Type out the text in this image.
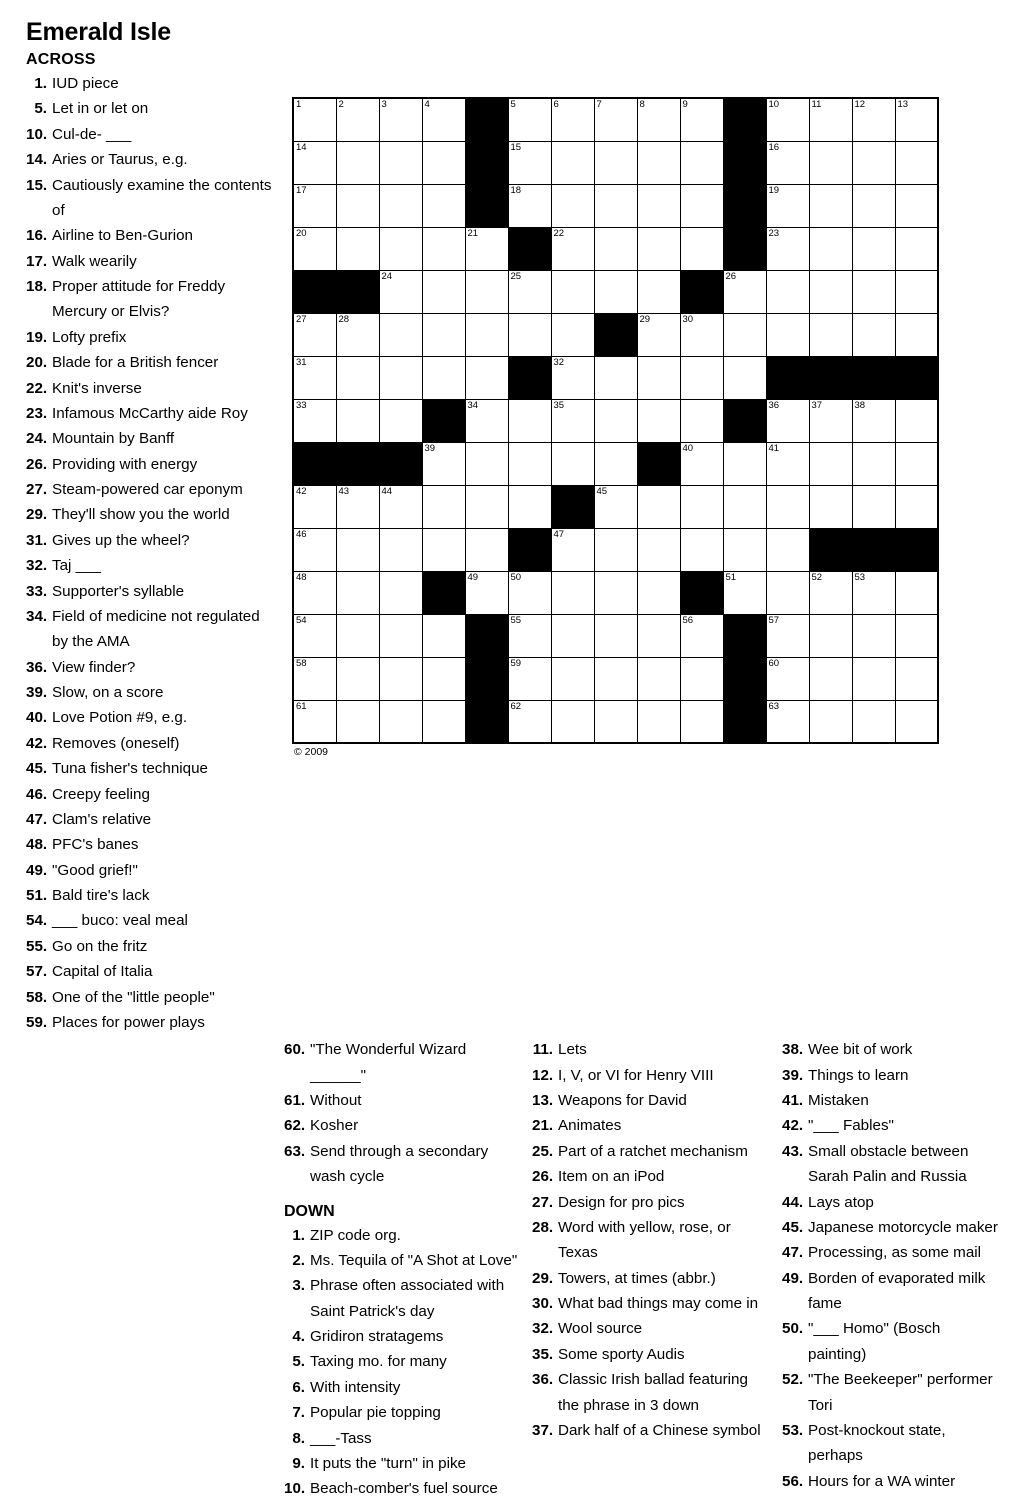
Emerald Isle
ACROSS
1. IUD piece
5. Let in or let on
10. Cul-de- ___
14. Aries or Taurus, e.g.
15. Cautiously examine the contents of
16. Airline to Ben-Gurion
17. Walk wearily
18. Proper attitude for Freddy Mercury or Elvis?
19. Lofty prefix
20. Blade for a British fencer
22. Knit's inverse
23. Infamous McCarthy aide Roy
24. Mountain by Banff
26. Providing with energy
27. Steam-powered car eponym
29. They'll show you the world
31. Gives up the wheel?
32. Taj ___
33. Supporter's syllable
34. Field of medicine not regulated by the AMA
36. View finder?
39. Slow, on a score
40. Love Potion #9, e.g.
42. Removes (oneself)
45. Tuna fisher's technique
46. Creepy feeling
47. Clam's relative
48. PFC's banes
49. "Good grief!"
51. Bald tire's lack
54. ___ buco: veal meal
55. Go on the fritz
57. Capital of Italia
58. One of the "little people"
59. Places for power plays
1	2	3	4		5	6	7	8	9		10	11	12	13

14					15						16			

17					18						19			

20				21		22					23			

		24			25					26				

27	28							29	30					

31						32								

33				34		35					36	37	38	

			39						40		41			

42	43	44					45							

46						47								

48				49	50					51		52	53	

54					55				56		57			

58					59						60			

61					62						63			

© 2009
60. "The Wonderful Wizard ______"
61. Without
62. Kosher
63. Send through a secondary wash cycle
DOWN
1. ZIP code org.
2. Ms. Tequila of "A Shot at Love"
3. Phrase often associated with Saint Patrick's day
4. Gridiron stratagems
5. Taxing mo. for many
6. With intensity
7. Popular pie topping
8. ___-Tass
9. It puts the "turn" in pike
10. Beach-comber's fuel source
11. Lets
12. I, V, or VI for Henry VIII
13. Weapons for David
21. Animates
25. Part of a ratchet mechanism
26. Item on an iPod
27. Design for pro pics
28. Word with yellow, rose, or Texas
29. Towers, at times (abbr.)
30. What bad things may come in
32. Wool source
35. Some sporty Audis
36. Classic Irish ballad featuring the phrase in 3 down
37. Dark half of a Chinese symbol
38. Wee bit of work
39. Things to learn
41. Mistaken
42. "___ Fables"
43. Small obstacle between Sarah Palin and Russia
44. Lays atop
45. Japanese motorcycle maker
47. Processing, as some mail
49. Borden of evaporated milk fame
50. "___ Homo" (Bosch painting)
52. "The Beekeeper" performer Tori
53. Post-knockout state, perhaps
56. Hours for a WA winter
